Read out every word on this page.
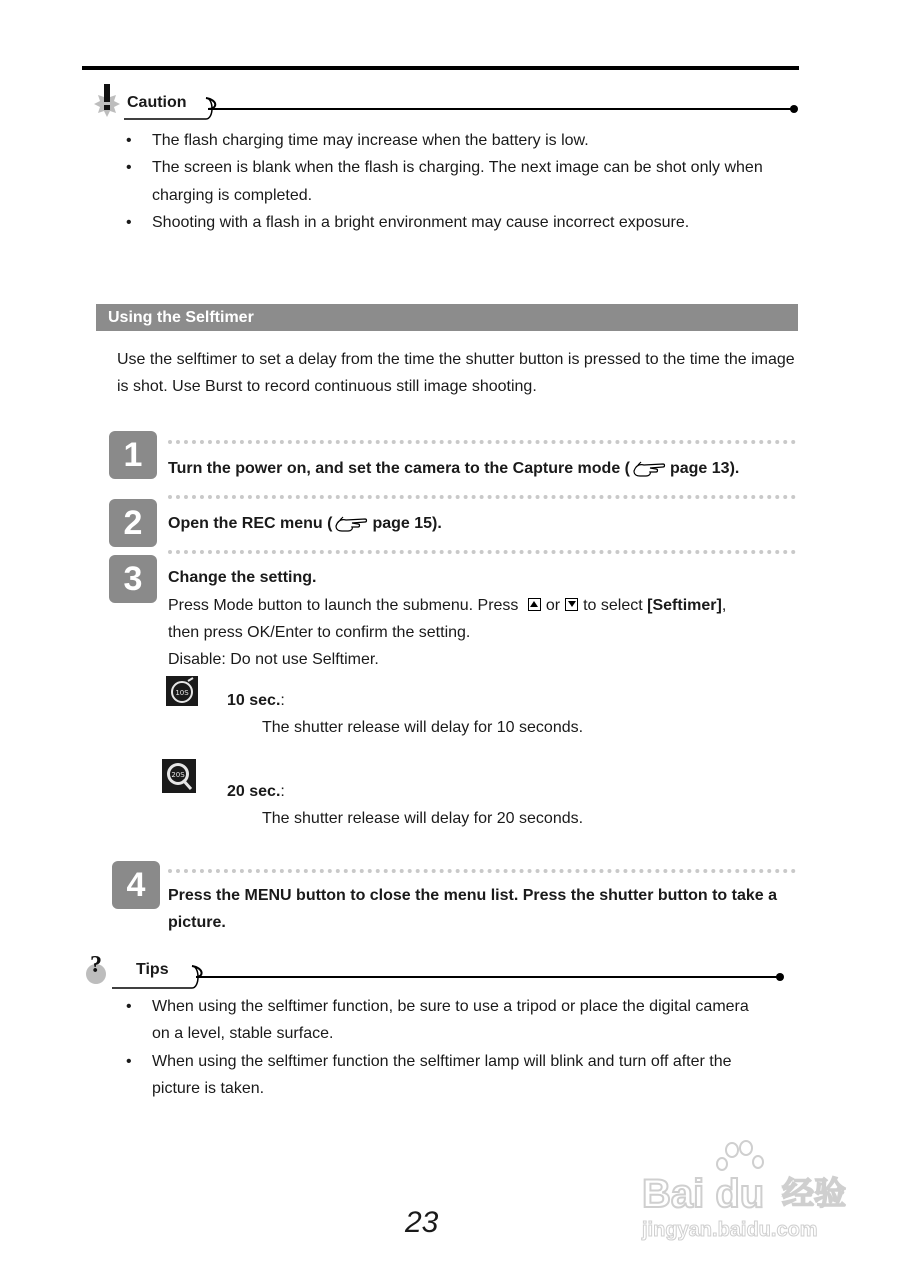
Caution
• The flash charging time may increase when the battery is low.
• The screen is blank when the flash is charging. The next image can be shot only when charging is completed.
• Shooting with a flash in a bright environment may cause incorrect exposure.
Using the Selftimer
Use the selftimer to set a delay from the time the shutter button is pressed to the time the image is shot. Use Burst to record continuous still image shooting.
1	Turn the power on, and set the camera to the Capture mode (	page 13).
2	Open the REC menu (	page 15).
3	Change the setting.
Press Mode button to launch the submenu. Press or to select [Seftimer],
then press OK/Enter to confirm the setting.
Disable: Do not use Selftimer.
10S 10 sec.:
The shutter release will delay for 10 seconds.
20S
20 sec.:
The shutter release will delay for 20 seconds.
4	Press the MENU button to close the menu list. Press the shutter button to take a picture.
? Tips
• When using the selftimer function, be sure to use a tripod or place the digital camera on a level, stable surface.
• When using the selftimer function the selftimer lamp will blink and turn off after the picture is taken.
23
Bai du 经验
jingyan.baidu.com
